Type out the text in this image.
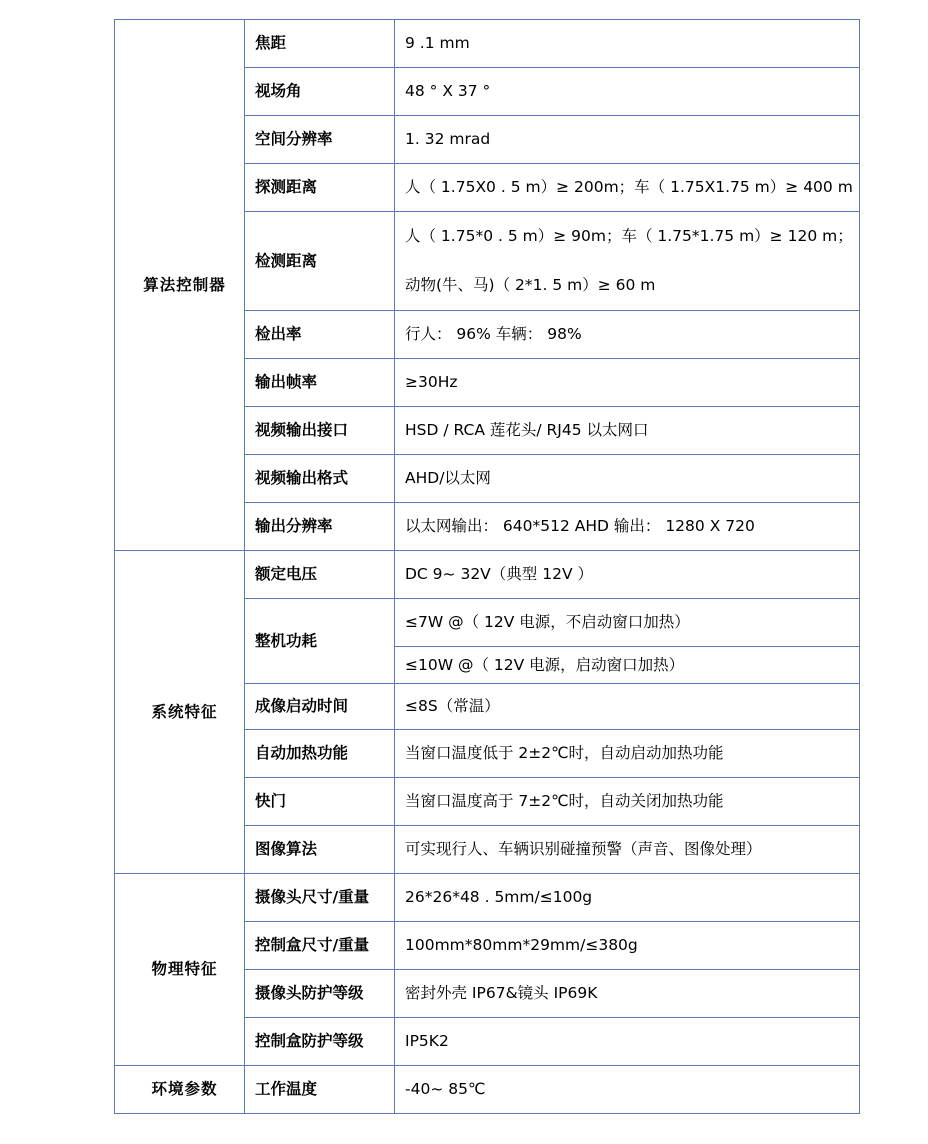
算法控制器	焦距	9 .1 mm
	视场角	48 ° X 37 °
	空间分辨率	1. 32 mrad
	探测距离	人（ 1.75X0 . 5 m）≥ 200m；车（ 1.75X1.75 m）≥ 400 m
	检测距离	人（ 1.75*0 . 5 m）≥ 90m；车（ 1.75*1.75 m）≥ 120 m；
动物(牛、马)（ 2*1. 5 m）≥ 60 m

	检出率	行人： 96% 车辆： 98%
	输出帧率	≥30Hz
	视频输出接口	HSD / RCA 莲花头/ RJ45 以太网口
	视频输出格式	AHD/以太网
	输出分辨率	以太网输出： 640*512 AHD 输出： 1280 X 720
系统特征	额定电压	DC 9~ 32V（典型 12V ）
	整机功耗	≤7W @（ 12V 电源，不启动窗口加热）
		≤10W @（ 12V 电源，启动窗口加热）
	成像启动时间	≤8S（常温）
	自动加热功能	当窗口温度低于 2±2℃时，自动启动加热功能
	快门	当窗口温度高于 7±2℃时，自动关闭加热功能
	图像算法	可实现行人、车辆识别碰撞预警（声音、图像处理）
物理特征	摄像头尺寸/重量	26*26*48 . 5mm/≤100g
	控制盒尺寸/重量	100mm*80mm*29mm/≤380g
	摄像头防护等级	密封外壳 IP67&镜头 IP69K
	控制盒防护等级	IP5K2
环境参数	工作温度	-40~ 85℃
